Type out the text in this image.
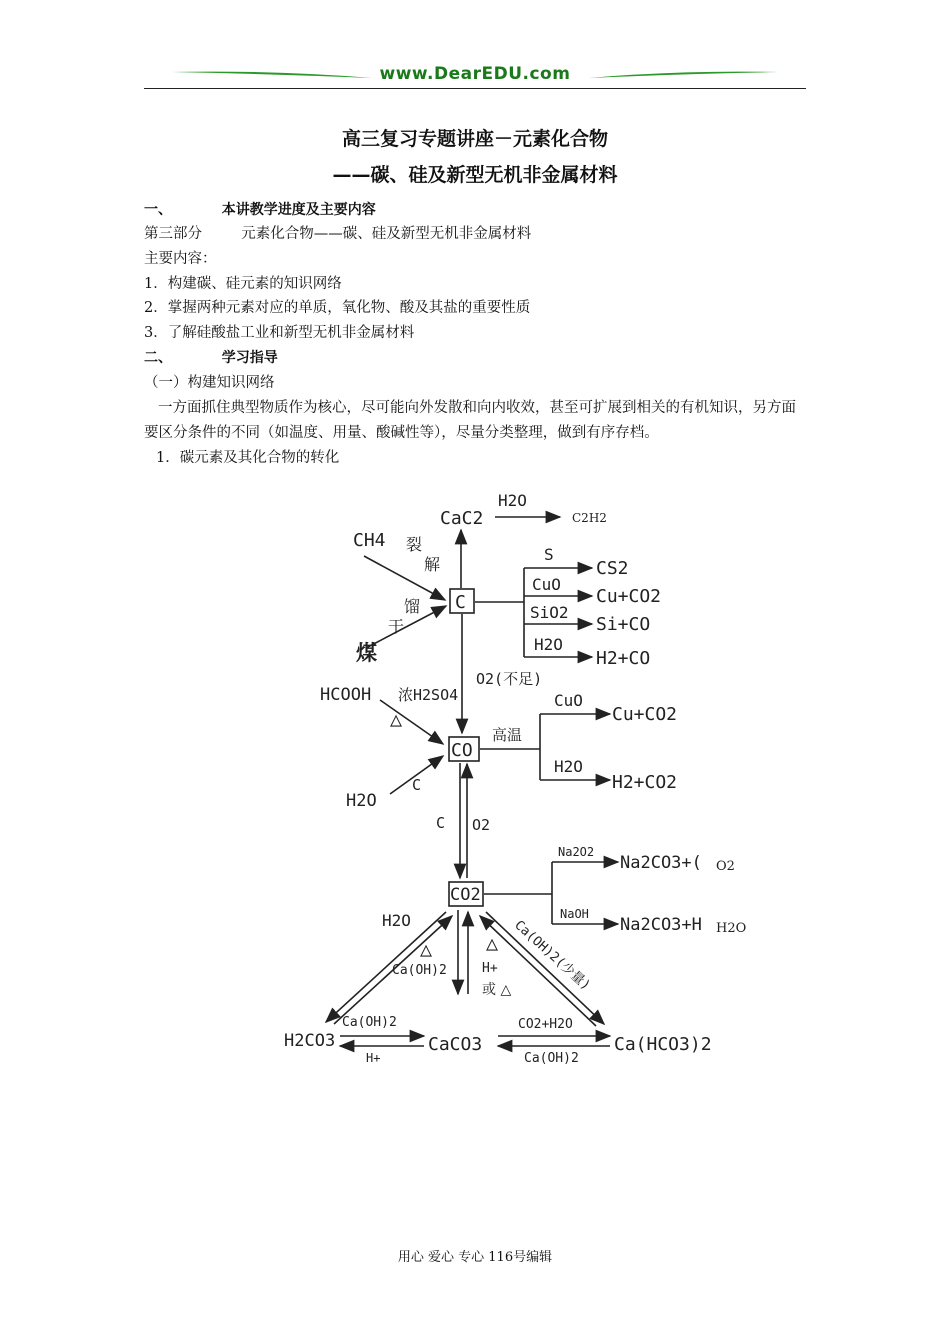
www.DearEDU.com
高三复习专题讲座－元素化合物
——碳、硅及新型无机非金属材料
一、	本讲教学进度及主要内容
第三部分	元素化合物——碳、硅及新型无机非金属材料
主要内容：
1．构建碳、硅元素的知识网络
2．掌握两种元素对应的单质，氧化物、酸及其盐的重要性质
3．了解硅酸盐工业和新型无机非金属材料
二、	学习指导
（一）构建知识网络
一方面抓住典型物质作为核心，尽可能向外发散和向内收效，甚至可扩展到相关的有机知识，另方面要区分条件的不同（如温度、用量、酸碱性等），尽量分类整理，做到有序存档。
1．碳元素及其化合物的转化
C
CO
CO2
CaC2
H2O
C2H2
CH4 裂
解
馏
干
煤
S
CS2
CuO
Cu+CO2
SiO2
Si+CO
H2O
H2+CO
O2(不足)
HCOOH 浓H2SO4
△
H2O
C
高温
CuO
Cu+CO2
H2O
H2+CO2
C O2
Na2O2
Na2CO3+( O2
NaOH
Na2CO3+H H2O
H2O
△
Ca(OH)2
△
H+
或 △ Ca(OH)2(少量)
H2CO3
Ca(OH)2
H+
CaCO3
CO2+H2O
Ca(OH)2
Ca(HCO3)2
用心 爱心 专心 116号编辑
